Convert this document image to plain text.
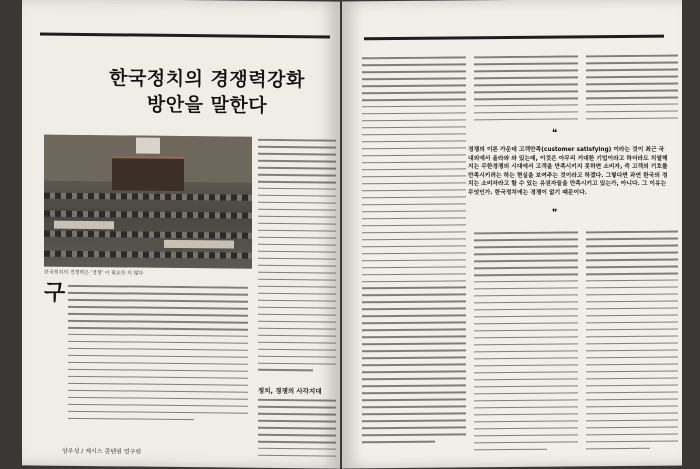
한국정치의 경쟁력강화
방안을 말한다
한국정치의 경쟁력은 '경쟁' 이 필요한 의 많다
구
정치, 경쟁의 사각지대
양우성 / 제시스 콘텐원 연구원
❝

경쟁의 이론 가운데 고객만족(customer satisfying) 이라는 것이 최근 국내외에서 올라와 와 있는데, 이것은 아무리 거대한 기업이라고 하더라도 치열해지는 무한경쟁의 시대에서 고객을 만족시키지 못하면 소비자, 즉 고객의 기호를 만족시키려는 하는 현실을 보여주는 것이라고 하겠다. 그렇다면 과연 한국의 정치는 소비자라고 할 수 있는 유권자들을 만족시키고 있는가, 아니다. 그 이유는 무엇인가. 한국정치에는 경쟁이 없기 때문이다.

❞
